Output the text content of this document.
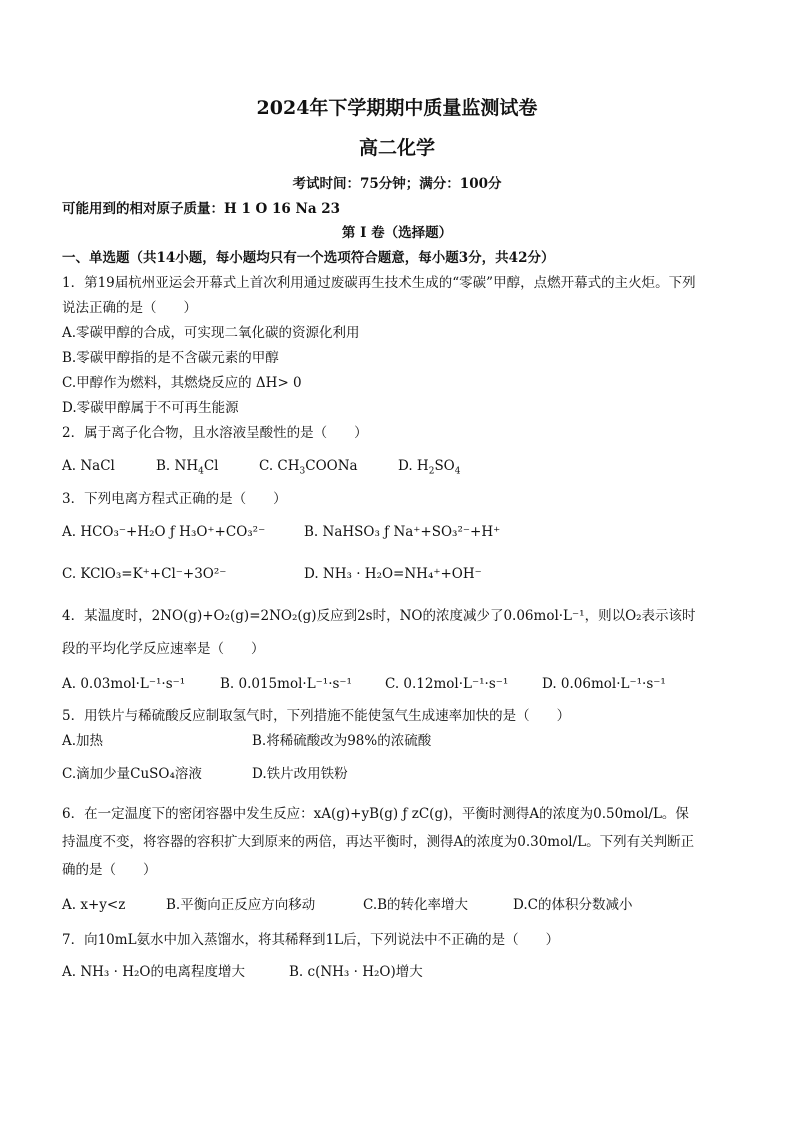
2024年下学期期中质量监测试卷
高二化学
考试时间：75分钟；满分：100分
可能用到的相对原子质量：H 1 O 16 Na 23
第 I 卷（选择题）
一、单选题（共14小题，每小题均只有一个选项符合题意，每小题3分，共42分）
1．第19届杭州亚运会开幕式上首次利用通过废碳再生技术生成的“零碳”甲醇，点燃开幕式的主火炬。下列
说法正确的是（　　）
A.零碳甲醇的合成，可实现二氧化碳的资源化利用
B.零碳甲醇指的是不含碳元素的甲醇
C.甲醇作为燃料，其燃烧反应的 ΔH> 0
D.零碳甲醇属于不可再生能源
2．属于离子化合物，且水溶液呈酸性的是（　　）
A. NaCl	B. $NH_4Cl$	C. $CH_3COONa$	D. $H_2SO_4$
3．下列电离方程式正确的是（　　）
A. HCO₃⁻+H₂O ƒ H₃O⁺+CO₃²⁻	B. NaHSO₃ ƒ Na⁺+SO₃²⁻+H⁺
C. KClO₃=K⁺+Cl⁻+3O²⁻	D. NH₃ · H₂O=NH₄⁺+OH⁻
4．某温度时，2NO(g)+O₂(g)=2NO₂(g)反应到2s时，NO的浓度减少了0.06mol·L⁻¹，则以O₂表示该时
段的平均化学反应速率是（　　）
A. 0.03mol·L⁻¹·s⁻¹	B. 0.015mol·L⁻¹·s⁻¹ C. 0.12mol·L⁻¹·s⁻¹ D. 0.06mol·L⁻¹·s⁻¹
5．用铁片与稀硫酸反应制取氢气时，下列措施不能使氢气生成速率加快的是（　　）
A.加热	B.将稀硫酸改为98%的浓硫酸
C.滴加少量CuSO₄溶液	D.铁片改用铁粉
6．在一定温度下的密闭容器中发生反应：xA(g)+yB(g) ƒ zC(g)，平衡时测得A的浓度为0.50mol/L。保
持温度不变，将容器的容积扩大到原来的两倍，再达平衡时，测得A的浓度为0.30mol/L。下列有关判断正
确的是（　　）
A. x+y<z	B.平衡向正反应方向移动	C.B的转化率增大	D.C的体积分数减小
7．向10mL氨水中加入蒸馏水，将其稀释到1L后，下列说法中不正确的是（　　）
A. NH₃ · H₂O的电离程度增大	B. c(NH₃ · H₂O)增大
